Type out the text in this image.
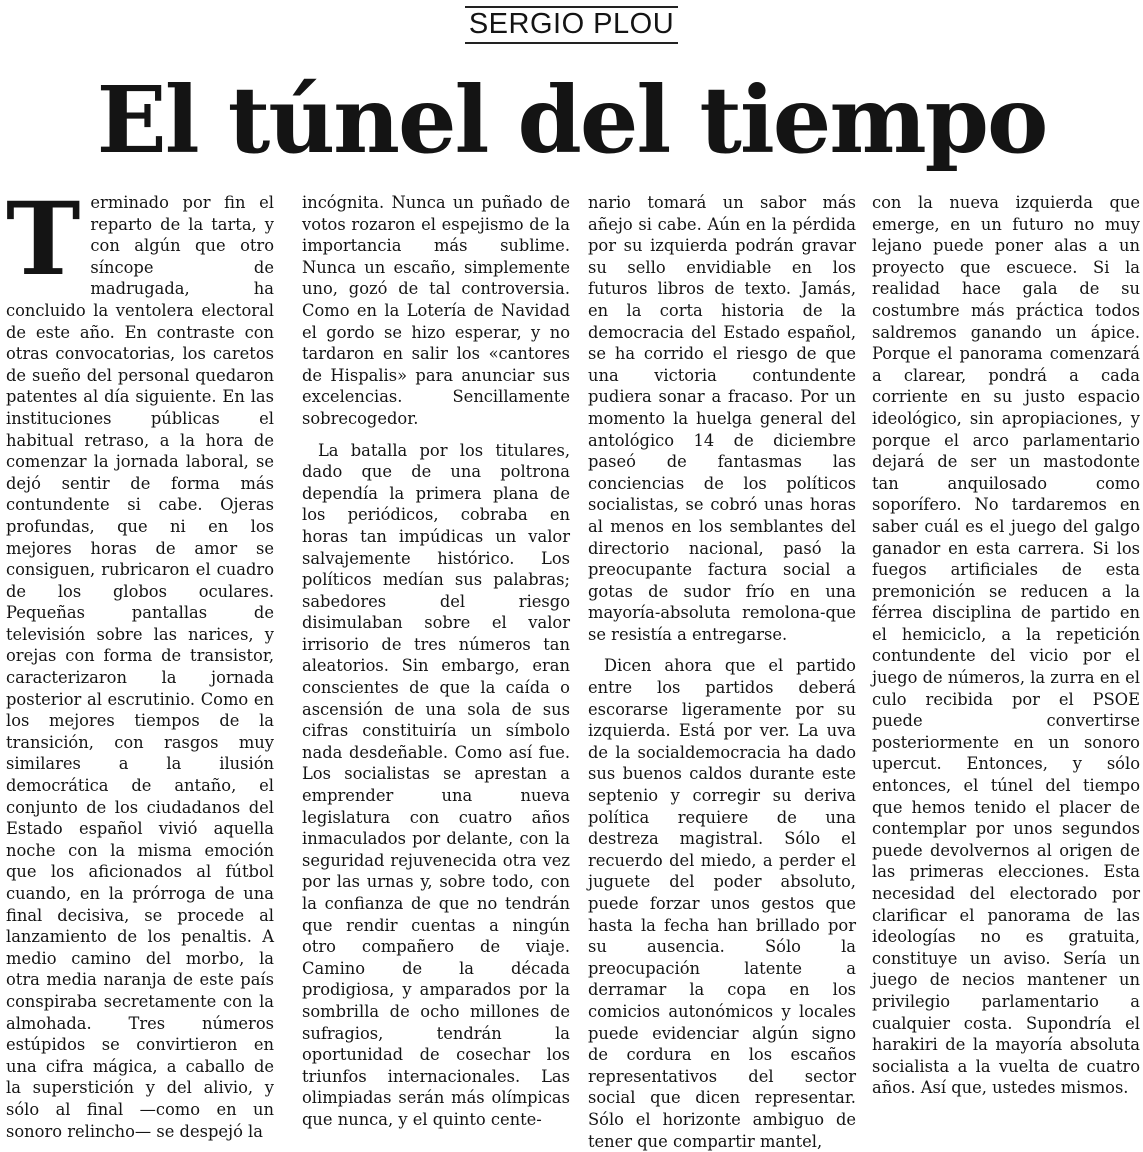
SERGIO PLOU
El túnel del tiempo
T erminado por fin el reparto de la tarta, y con algún que otro síncope de madrugada, ha concluido la ventolera electoral de este año. En contraste con otras convocatorias, los caretos de sueño del personal quedaron patentes al día siguiente. En las instituciones públicas el habitual retraso, a la hora de comenzar la jornada laboral, se dejó sentir de forma más contundente si cabe. Ojeras profundas, que ni en los mejores horas de amor se consiguen, rubricaron el cuadro de los globos oculares. Pequeñas pantallas de televisión sobre las narices, y orejas con forma de transistor, caracterizaron la jornada posterior al escrutinio. Como en los mejores tiempos de la transición, con rasgos muy similares a la ilusión democrática de antaño, el conjunto de los ciudadanos del Estado español vivió aquella noche con la misma emoción que los aficionados al fútbol cuando, en la prórroga de una final decisiva, se procede al lanzamiento de los penaltis. A medio camino del morbo, la otra media naranja de este país conspiraba secretamente con la almohada. Tres números estúpidos se convirtieron en una cifra mágica, a caballo de la superstición y del alivio, y sólo al final —como en un sonoro relincho— se despejó la

incógnita. Nunca un puñado de votos rozaron el espejismo de la importancia más sublime. Nunca un escaño, simplemente uno, gozó de tal controversia. Como en la Lotería de Navidad el gordo se hizo esperar, y no tardaron en salir los «cantores de Hispalis» para anunciar sus excelencias. Sencillamente sobrecogedor.

La batalla por los titulares, dado que de una poltrona dependía la primera plana de los periódicos, cobraba en horas tan impúdicas un valor salvajemente histórico. Los políticos medían sus palabras; sabedores del riesgo disimulaban sobre el valor irrisorio de tres números tan aleatorios. Sin embargo, eran conscientes de que la caída o ascensión de una sola de sus cifras constituiría un símbolo nada desdeñable. Como así fue. Los socialistas se aprestan a emprender una nueva legislatura con cuatro años inmaculados por delante, con la seguridad rejuvenecida otra vez por las urnas y, sobre todo, con la confianza de que no tendrán que rendir cuentas a ningún otro compañero de viaje. Camino de la década prodigiosa, y amparados por la sombrilla de ocho millones de sufragios, tendrán la oportunidad de cosechar los triunfos internacionales. Las olimpiadas serán más olímpicas que nunca, y el quinto cente-

nario tomará un sabor más añejo si cabe. Aún en la pérdida por su izquierda podrán gravar su sello envidiable en los futuros libros de texto. Jamás, en la corta historia de la democracia del Estado español, se ha corrido el riesgo de que una victoria contundente pudiera sonar a fracaso. Por un momento la huelga general del antológico 14 de diciembre paseó de fantasmas las conciencias de los políticos socialistas, se cobró unas horas al menos en los semblantes del directorio nacional, pasó la preocupante factura social a gotas de sudor frío en una mayoría-absoluta remolona-que se resistía a entregarse.

Dicen ahora que el partido entre los partidos deberá escorarse ligeramente por su izquierda. Está por ver. La uva de la socialdemocracia ha dado sus buenos caldos durante este septenio y corregir su deriva política requiere de una destreza magistral. Sólo el recuerdo del miedo, a perder el juguete del poder absoluto, puede forzar unos gestos que hasta la fecha han brillado por su ausencia. Sólo la preocupación latente a derramar la copa en los comicios autonómicos y locales puede evidenciar algún signo de cordura en los escaños representativos del sector social que dicen representar. Sólo el horizonte ambiguo de tener que compartir mantel,

con la nueva izquierda que emerge, en un futuro no muy lejano puede poner alas a un proyecto que escuece. Si la realidad hace gala de su costumbre más práctica todos saldremos ganando un ápice. Porque el panorama comenzará a clarear, pondrá a cada corriente en su justo espacio ideológico, sin apropiaciones, y porque el arco parlamentario dejará de ser un mastodonte tan anquilosado como soporífero. No tardaremos en saber cuál es el juego del galgo ganador en esta carrera. Si los fuegos artificiales de esta premonición se reducen a la férrea disciplina de partido en el hemiciclo, a la repetición contundente del vicio por el juego de números, la zurra en el culo recibida por el PSOE puede convertirse posteriormente en un sonoro upercut. Entonces, y sólo entonces, el túnel del tiempo que hemos tenido el placer de contemplar por unos segundos puede devolvernos al origen de las primeras elecciones. Esta necesidad del electorado por clarificar el panorama de las ideologías no es gratuita, constituye un aviso. Sería un juego de necios mantener un privilegio parlamentario a cualquier costa. Supondría el harakiri de la mayoría absoluta socialista a la vuelta de cuatro años. Así que, ustedes mismos.
